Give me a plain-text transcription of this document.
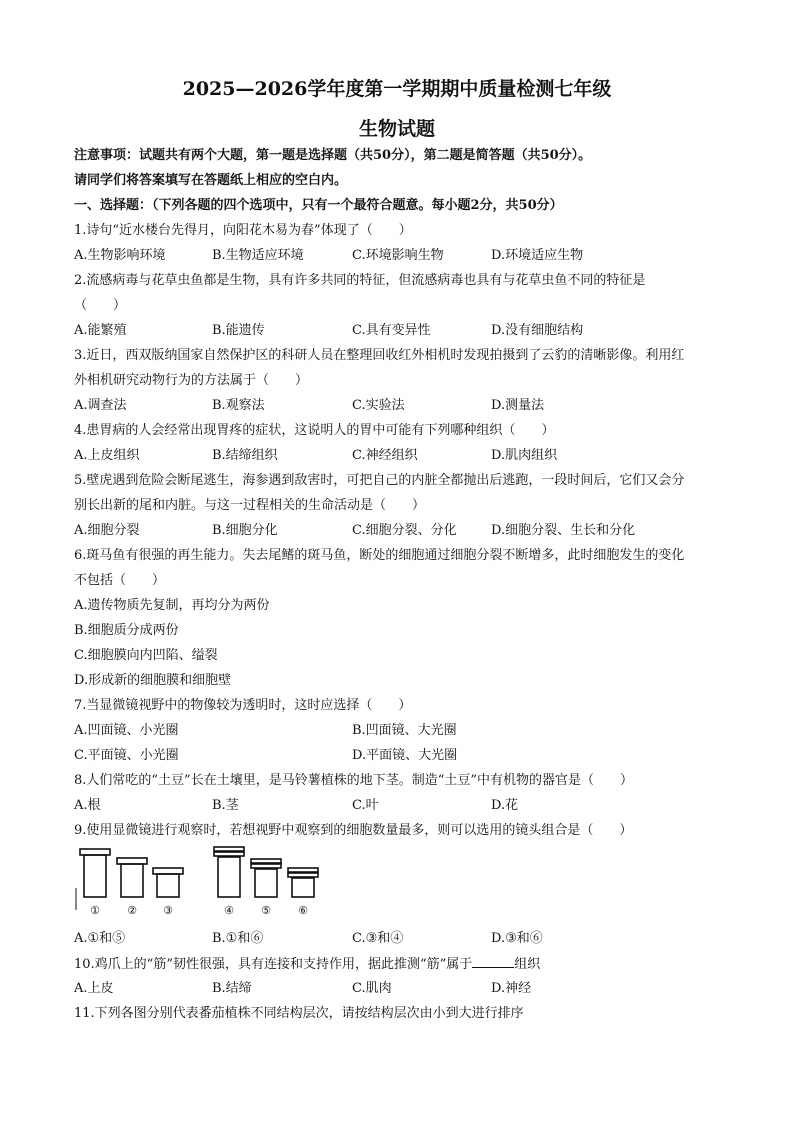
2025—2026学年度第一学期期中质量检测七年级
生物试题
注意事项：试题共有两个大题，第一题是选择题（共50分），第二题是简答题（共50分）。
请同学们将答案填写在答题纸上相应的空白内。
一、选择题：（下列各题的四个选项中，只有一个最符合题意。每小题2分，共50分）
1.诗句“近水楼台先得月，向阳花木易为春”体现了（　　）
A.生物影响环境	B.生物适应环境	C.环境影响生物	D.环境适应生物
2.流感病毒与花草虫鱼都是生物，具有许多共同的特征，但流感病毒也具有与花草虫鱼不同的特征是
（　　）
A.能繁殖	B.能遗传	C.具有变异性	D.没有细胞结构
3.近日，西双版纳国家自然保护区的科研人员在整理回收红外相机时发现拍摄到了云豹的清晰影像。利用红
外相机研究动物行为的方法属于（　　）
A.调查法	B.观察法	C.实验法	D.测量法
4.患胃病的人会经常出现胃疼的症状，这说明人的胃中可能有下列哪种组织（　　）
A.上皮组织	B.结缔组织	C.神经组织	D.肌肉组织
5.壁虎遇到危险会断尾逃生，海参遇到敌害时，可把自己的内脏全都抛出后逃跑，一段时间后，它们又会分
别长出新的尾和内脏。与这一过程相关的生命活动是（　　）
A.细胞分裂	B.细胞分化	C.细胞分裂、分化	D.细胞分裂、生长和分化
6.斑马鱼有很强的再生能力。失去尾鳍的斑马鱼，断处的细胞通过细胞分裂不断增多，此时细胞发生的变化
不包括（　　）
A.遗传物质先复制，再均分为两份
B.细胞质分成两份
C.细胞膜向内凹陷、缢裂
D.形成新的细胞膜和细胞壁
7.当显微镜视野中的物像较为透明时，这时应选择（　　）
A.凹面镜、小光圈	B.凹面镜、大光圈
C.平面镜、小光圈	D.平面镜、大光圈
8.人们常吃的“土豆”长在土壤里，是马铃薯植株的地下茎。制造“土豆”中有机物的器官是（　　）
A.根	B.茎	C.叶	D.花
9.使用显微镜进行观察时，若想视野中观察到的细胞数量最多，则可以选用的镜头组合是（　　）
① ② ③	④ ⑤ ⑥
A.①和⑤	B.①和⑥	C.③和④	D.③和⑥
10.鸡爪上的“筋”韧性很强，具有连接和支持作用，据此推测“筋”属于	组织
A.上皮	B.结缔	C.肌肉	D.神经
11.下列各图分别代表番茄植株不同结构层次，请按结构层次由小到大进行排序
